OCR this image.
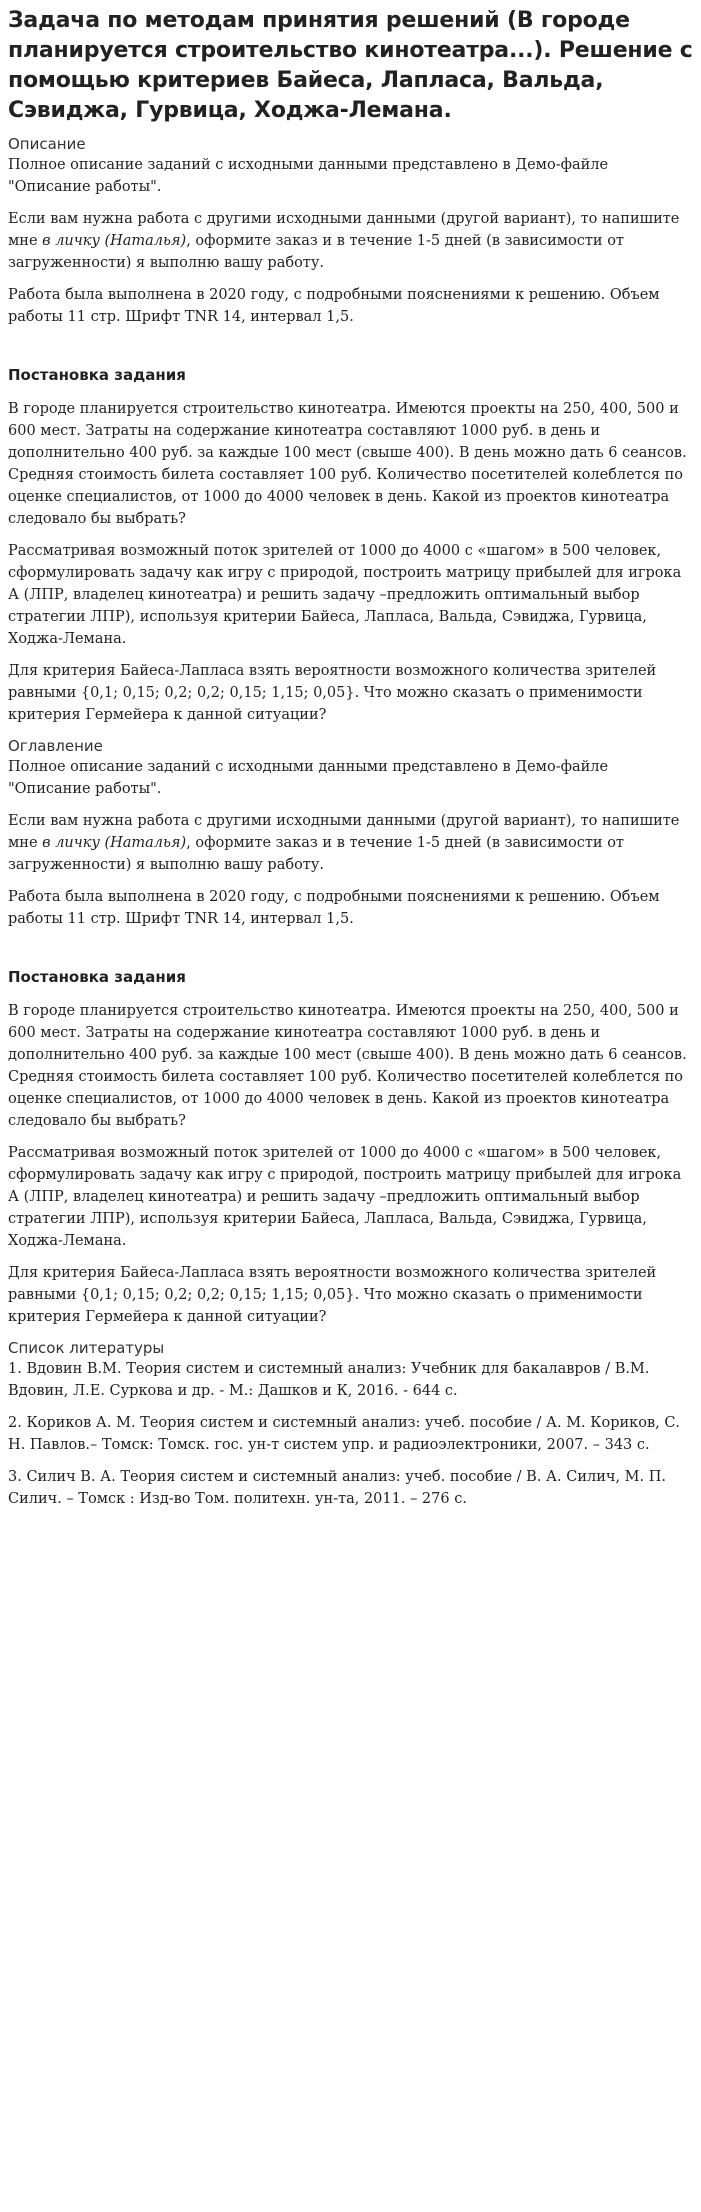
Задача по методам принятия решений (В городе планируется строительство кинотеатра...). Решение с помощью критериев Байеса, Лапласа, Вальда, Сэвиджа, Гурвица, Ходжа-Лемана.
Описание

Полное описание заданий с исходными данными представлено в Демо-файле "Описание работы".

Если вам нужна работа с другими исходными данными (другой вариант), то напишите мне в личку (Наталья), оформите заказ и в течение 1-5 дней (в зависимости от загруженности) я выполню вашу работу.

Работа была выполнена в 2020 году, с подробными пояснениями к решению. Объем работы 11 стр. Шрифт TNR 14, интервал 1,5.

Постановка задания

В городе планируется строительство кинотеатра. Имеются проекты на 250, 400, 500 и 600 мест. Затраты на содержание кинотеатра составляют 1000 руб. в день и дополнительно 400 руб. за каждые 100 мест (свыше 400). В день можно дать 6 сеансов. Средняя стоимость билета составляет 100 руб. Количество посетителей колеблется по оценке специалистов, от 1000 до 4000 человек в день. Какой из проектов кинотеатра следовало бы выбрать?

Рассматривая возможный поток зрителей от 1000 до 4000 с «шагом» в 500 человек, сформулировать задачу как игру с природой, построить матрицу прибылей для игрока А (ЛПР, владелец кинотеатра) и решить задачу –предложить оптимальный выбор стратегии ЛПР), используя критерии Байеса, Лапласа, Вальда, Сэвиджа, Гурвица, Ходжа-Лемана.

Для критерия Байеса-Лапласа взять вероятности возможного количества зрителей равными {0,1; 0,15; 0,2; 0,2; 0,15; 1,15; 0,05}. Что можно сказать о применимости критерия Гермейера к данной ситуации?

Оглавление

Полное описание заданий с исходными данными представлено в Демо-файле "Описание работы".

Если вам нужна работа с другими исходными данными (другой вариант), то напишите мне в личку (Наталья), оформите заказ и в течение 1-5 дней (в зависимости от загруженности) я выполню вашу работу.

Работа была выполнена в 2020 году, с подробными пояснениями к решению. Объем работы 11 стр. Шрифт TNR 14, интервал 1,5.

Постановка задания

В городе планируется строительство кинотеатра. Имеются проекты на 250, 400, 500 и 600 мест. Затраты на содержание кинотеатра составляют 1000 руб. в день и дополнительно 400 руб. за каждые 100 мест (свыше 400). В день можно дать 6 сеансов. Средняя стоимость билета составляет 100 руб. Количество посетителей колеблется по оценке специалистов, от 1000 до 4000 человек в день. Какой из проектов кинотеатра следовало бы выбрать?

Рассматривая возможный поток зрителей от 1000 до 4000 с «шагом» в 500 человек, сформулировать задачу как игру с природой, построить матрицу прибылей для игрока А (ЛПР, владелец кинотеатра) и решить задачу –предложить оптимальный выбор стратегии ЛПР), используя критерии Байеса, Лапласа, Вальда, Сэвиджа, Гурвица, Ходжа-Лемана.

Для критерия Байеса-Лапласа взять вероятности возможного количества зрителей равными {0,1; 0,15; 0,2; 0,2; 0,15; 1,15; 0,05}. Что можно сказать о применимости критерия Гермейера к данной ситуации?

Список литературы

1. Вдовин В.М. Теория систем и системный анализ: Учебник для бакалавров / В.М. Вдовин, Л.Е. Суркова и др. - М.: Дашков и К, 2016. - 644 с.

2. Кориков А. М. Теория систем и системный анализ: учеб. пособие / А. М. Кориков, С. Н. Павлов.– Томск: Томск. гос. ун-т систем упр. и радиоэлектроники, 2007. – 343 с.

3. Силич В. А. Теория систем и системный анализ: учеб. пособие / В. А. Силич, М. П. Силич. – Томск : Изд-во Том. политехн. ун-та, 2011. – 276 с.
